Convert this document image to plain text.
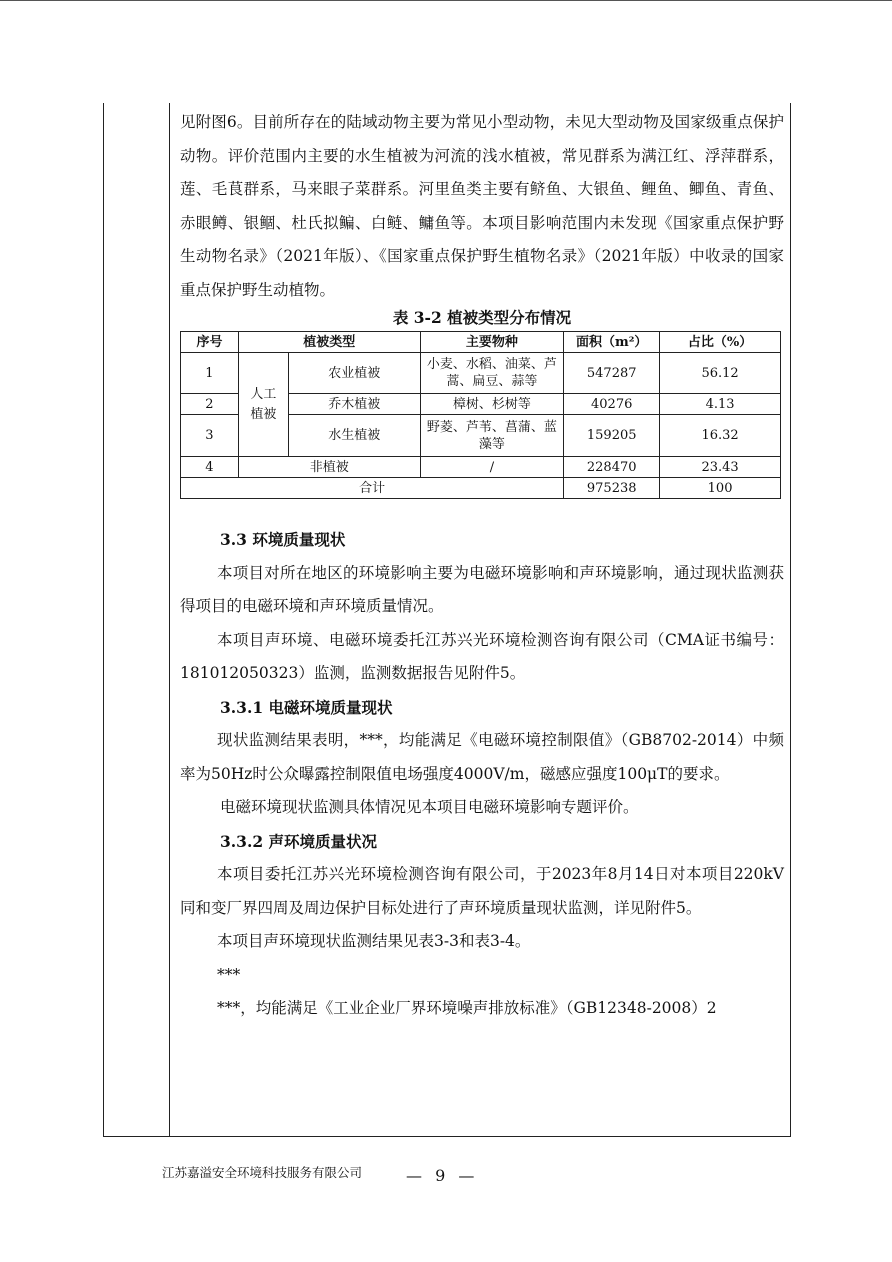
见附图6。目前所存在的陆域动物主要为常见小型动物，未见大型动物及国家级重点保护动物。评价范围内主要的水生植被为河流的浅水植被，常见群系为满江红、浮萍群系，莲、毛茛群系，马来眼子菜群系。河里鱼类主要有鲚鱼、大银鱼、鲤鱼、鲫鱼、青鱼、赤眼鳟、银鲴、杜氏拟鳊、白鲢、鳙鱼等。本项目影响范围内未发现《国家重点保护野生动物名录》（2021年版）、《国家重点保护野生植物名录》（2021年版）中收录的国家重点保护野生动植物。

表 3-2 植被类型分布情况
序号	植被类型		主要物种	面积（m²）	占比（%）
1	人工植被	农业植被	小麦、水稻、油菜、芦蒿、扁豆、蒜等	547287	56.12
2		乔木植被	樟树、杉树等	40276	4.13
3		水生植被	野菱、芦苇、菖蒲、蓝藻等	159205	16.32
4	非植被		/	228470	23.43
合计				975238	100
3.3 环境质量现状

本项目对所在地区的环境影响主要为电磁环境影响和声环境影响，通过现状监测获得项目的电磁环境和声环境质量情况。

本项目声环境、电磁环境委托江苏兴光环境检测咨询有限公司（CMA证书编号：181012050323）监测，监测数据报告见附件5。

3.3.1 电磁环境质量现状

现状监测结果表明，***，均能满足《电磁环境控制限值》（GB8702-2014）中频率为50Hz时公众曝露控制限值电场强度4000V/m，磁感应强度100μT的要求。

电磁环境现状监测具体情况见本项目电磁环境影响专题评价。

3.3.2 声环境质量状况

本项目委托江苏兴光环境检测咨询有限公司，于2023年8月14日对本项目220kV同和变厂界四周及周边保护目标处进行了声环境质量现状监测，详见附件5。

本项目声环境现状监测结果见表3-3和表3-4。

***

***，均能满足《工业企业厂界环境噪声排放标准》（GB12348-2008）2

江苏嘉溢安全环境科技服务有限公司	— 9 —
